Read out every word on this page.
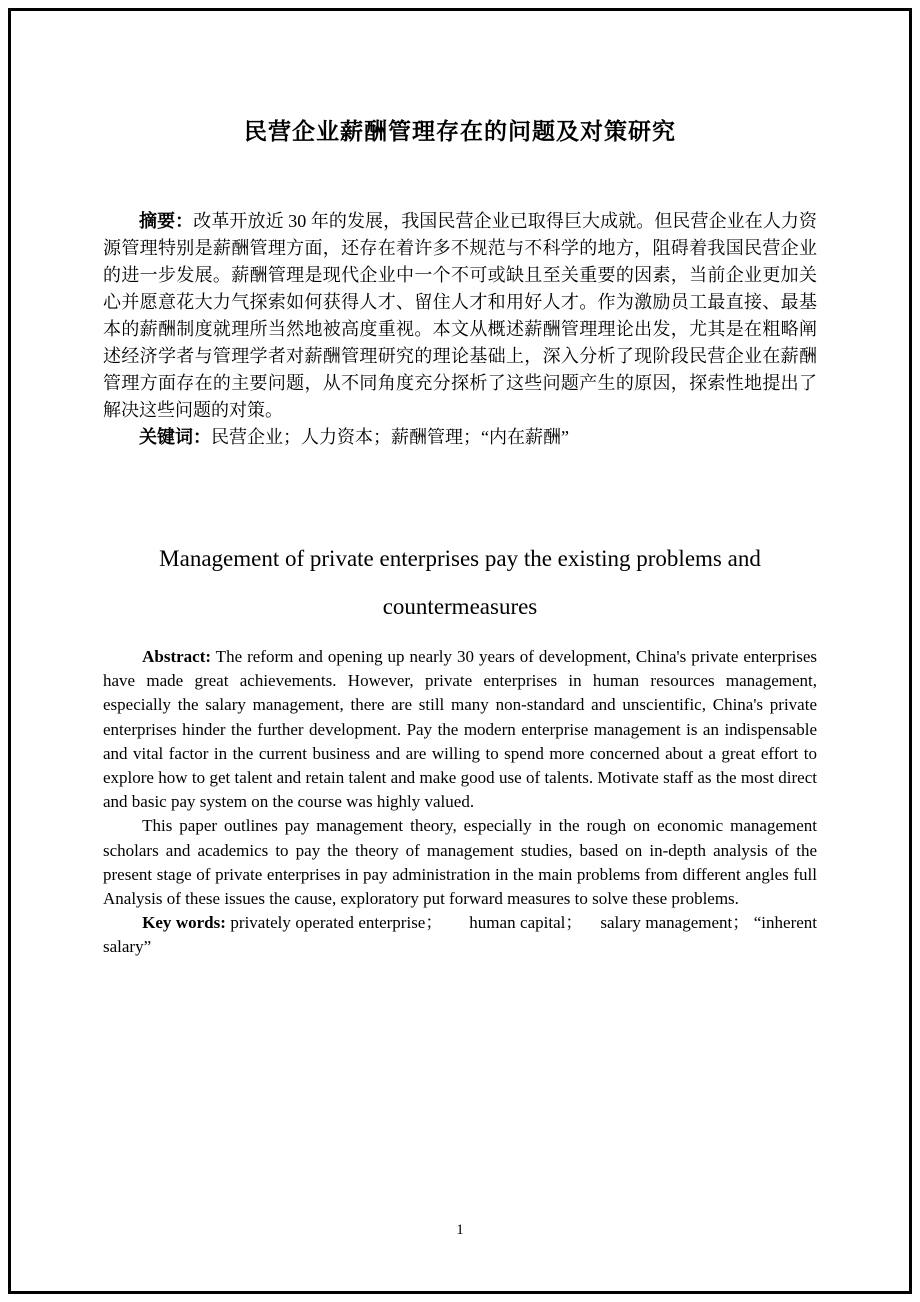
民营企业薪酬管理存在的问题及对策研究

摘要：改革开放近 30 年的发展，我国民营企业已取得巨大成就。但民营企业在人力资源管理特别是薪酬管理方面，还存在着许多不规范与不科学的地方，阻碍着我国民营企业的进一步发展。薪酬管理是现代企业中一个不可或缺且至关重要的因素，当前企业更加关心并愿意花大力气探索如何获得人才、留住人才和用好人才。作为激励员工最直接、最基本的薪酬制度就理所当然地被高度重视。本文从概述薪酬管理理论出发，尤其是在粗略阐述经济学者与管理学者对薪酬管理研究的理论基础上，深入分析了现阶段民营企业在薪酬管理方面存在的主要问题，从不同角度充分探析了这些问题产生的原因，探索性地提出了解决这些问题的对策。

关键词：民营企业；人力资本；薪酬管理；“内在薪酬”

Management of private enterprises pay the existing problems and
countermeasures

Abstract: The reform and opening up nearly 30 years of development, China's private enterprises have made great achievements. However, private enterprises in human resources management, especially the salary management, there are still many non-standard and unscientific, China's private enterprises hinder the further development. Pay the modern enterprise management is an indispensable and vital factor in the current business and are willing to spend more concerned about a great effort to explore how to get talent and retain talent and make good use of talents. Motivate staff as the most direct and basic pay system on the course was highly valued.

This paper outlines pay management theory, especially in the rough on economic management scholars and academics to pay the theory of management studies, based on in-depth analysis of the present stage of private enterprises in pay administration in the main problems from different angles full Analysis of these issues the cause, exploratory put forward measures to solve these problems.

Key words: privately operated enterprise；      human capital；    salary management； “inherent salary”

1
